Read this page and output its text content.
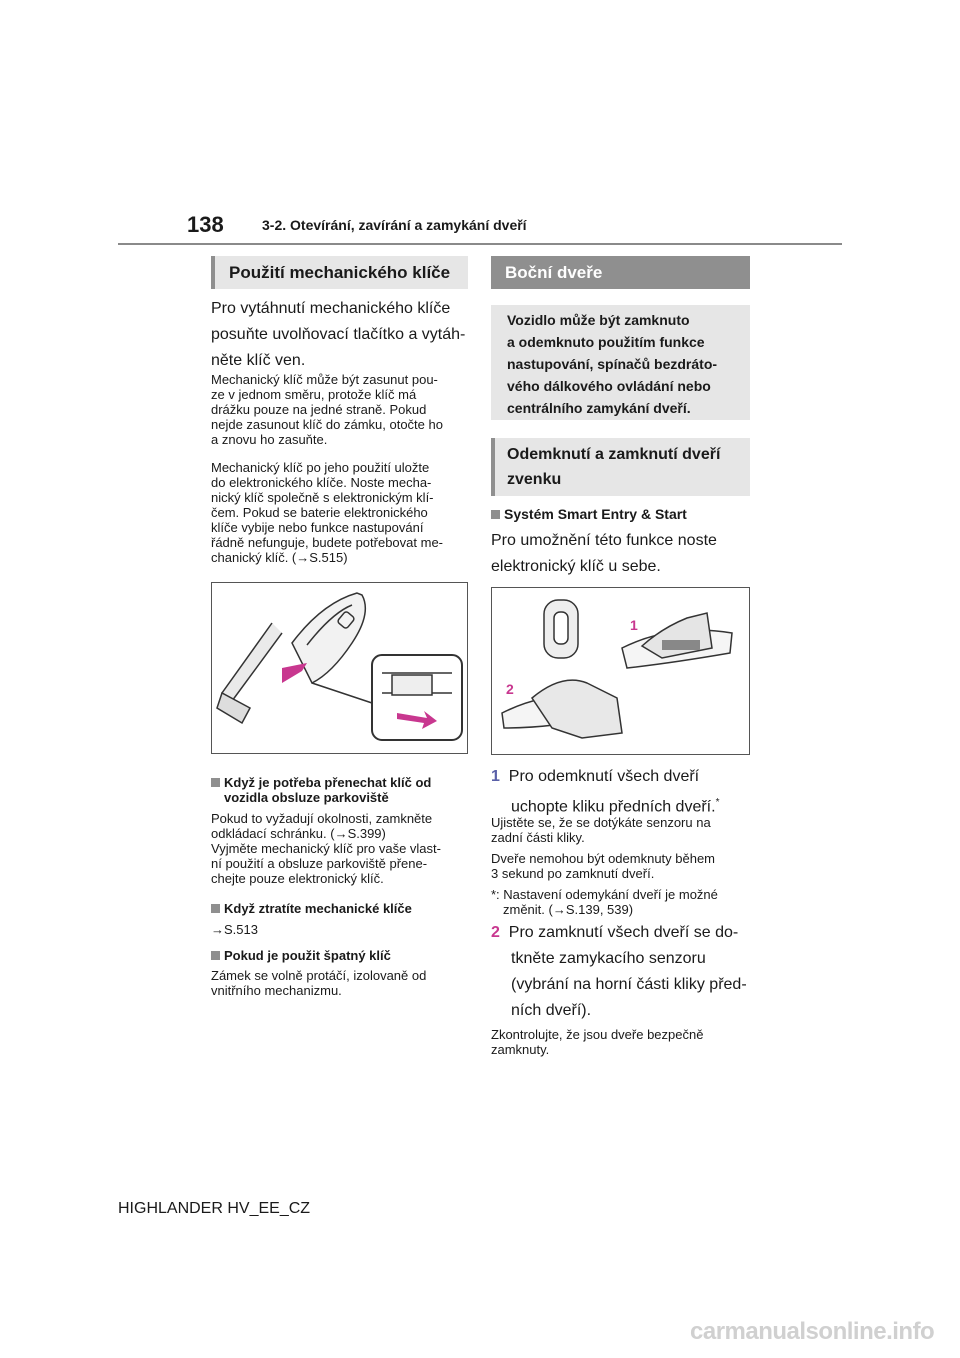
138	3-2. Otevírání, zavírání a zamykání dveří
Použití mechanického klíče
Pro vytáhnutí mechanického klíče
posuňte uvolňovací tlačítko a vytáh-
něte klíč ven.
Mechanický klíč může být zasunut pou-
ze v jednom směru, protože klíč má
drážku pouze na jedné straně. Pokud
nejde zasunout klíč do zámku, otočte ho
a znovu ho zasuňte.
Mechanický klíč po jeho použití uložte
do elektronického klíče. Noste mecha-
nický klíč společně s elektronickým klí-
čem. Pokud se baterie elektronického
klíče vybije nebo funkce nastupování
řádně nefunguje, budete potřebovat me-
chanický klíč. (→S.515)
Když je potřeba přenechat klíč od
vozidla obsluze parkoviště
Pokud to vyžadují okolnosti, zamkněte
odkládací schránku. (→S.399)
Vyjměte mechanický klíč pro vaše vlast-
ní použití a obsluze parkoviště přene-
chejte pouze elektronický klíč.
Když ztratíte mechanické klíče
→S.513
Pokud je použit špatný klíč
Zámek se volně protáčí, izolovaně od
vnitřního mechanizmu.
Boční dveře
Vozidlo může být zamknuto
a odemknuto použitím funkce
nastupování, spínačů bezdráto-
vého dálkového ovládání nebo
centrálního zamykání dveří.
Odemknutí a zamknutí dveří
zvenku
Systém Smart Entry & Start
Pro umožnění této funkce noste
elektronický klíč u sebe.
1
2
1 Pro odemknutí všech dveří
uchopte kliku předních dveří.*
Ujistěte se, že se dotýkáte senzoru na
zadní části kliky.
Dveře nemohou být odemknuty během
3 sekund po zamknutí dveří.
*: Nastavení odemykání dveří je možné
změnit. (→S.139, 539)
2 Pro zamknutí všech dveří se do-
tkněte zamykacího senzoru
(vybrání na horní části kliky před-
ních dveří).
Zkontrolujte, že jsou dveře bezpečně
zamknuty.
HIGHLANDER HV_EE_CZ
carmanualsonline.info
